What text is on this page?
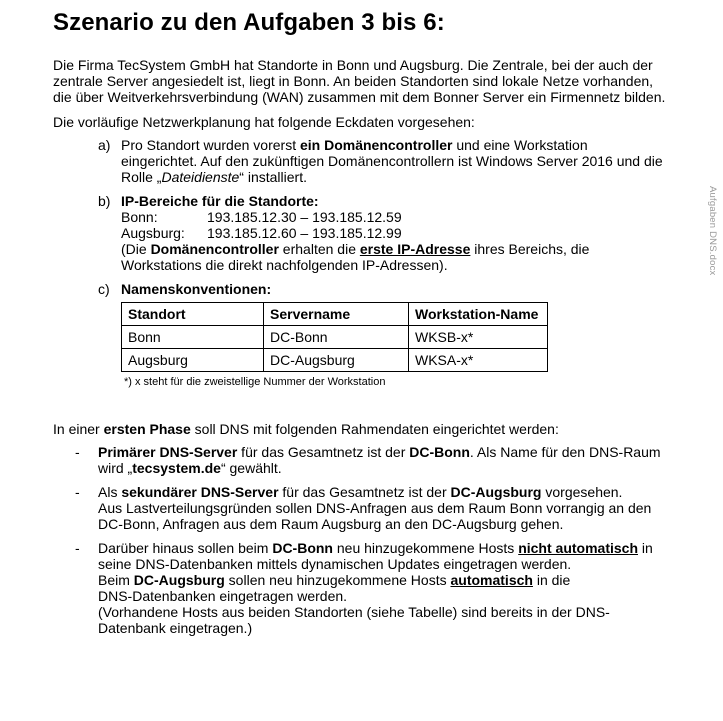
Szenario zu den Aufgaben 3 bis 6:
Die Firma TecSystem GmbH hat Standorte in Bonn und Augsburg. Die Zentrale, bei der auch der
zentrale Server angesiedelt ist, liegt in Bonn. An beiden Standorten sind lokale Netze vorhanden,
die über Weitverkehrsverbindung (WAN) zusammen mit dem Bonner Server ein Firmennetz bilden.
Die vorläufige Netzwerkplanung hat folgende Eckdaten vorgesehen:
a) Pro Standort wurden vorerst ein Domänencontroller und eine Workstation
eingerichtet. Auf den zukünftigen Domänencontrollern ist Windows Server 2016 und die
Rolle „Dateidienste“ installiert.
b) IP-Bereiche für die Standorte:
Bonn:	193.185.12.30 – 193.185.12.59
Augsburg:	193.185.12.60 – 193.185.12.99
(Die Domänencontroller erhalten die erste IP-Adresse ihres Bereichs, die
Workstations die direkt nachfolgenden IP-Adressen).
c) Namenskonventionen:
Standort	Servername	Workstation-Name
Bonn	DC-Bonn	WKSB-x*
Augsburg	DC-Augsburg	WKSA-x*
*) x steht für die zweistellige Nummer der Workstation
In einer ersten Phase soll DNS mit folgenden Rahmendaten eingerichtet werden:
- Primärer DNS-Server für das Gesamtnetz ist der DC-Bonn. Als Name für den DNS-Raum
wird „tecsystem.de“ gewählt.
- Als sekundärer DNS-Server für das Gesamtnetz ist der DC-Augsburg vorgesehen.
Aus Lastverteilungsgründen sollen DNS-Anfragen aus dem Raum Bonn vorrangig an den
DC-Bonn, Anfragen aus dem Raum Augsburg an den DC-Augsburg gehen.
- Darüber hinaus sollen beim DC-Bonn neu hinzugekommene Hosts nicht automatisch in
seine DNS-Datenbanken mittels dynamischen Updates eingetragen werden.
Beim DC-Augsburg sollen neu hinzugekommene Hosts automatisch in die
DNS-Datenbanken eingetragen werden.
(Vorhandene Hosts aus beiden Standorten (siehe Tabelle) sind bereits in der DNS-
Datenbank eingetragen.)
Aufgaben DNS.docx
